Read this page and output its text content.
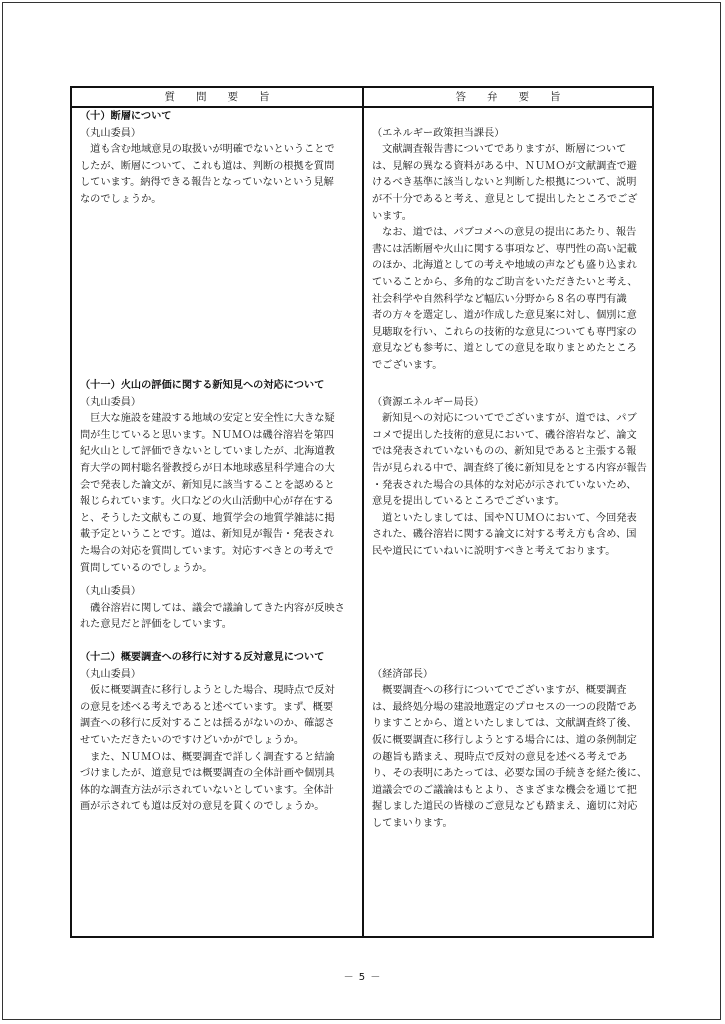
質　　問　　要　　旨	答　　弁　　要　　旨
（十）断層について
（丸山委員）
　道も含む地域意見の取扱いが明確でないということで
したが、断層について、これも道は、判断の根拠を質問
しています。納得できる報告となっていないという見解
なのでしょうか。
（エネルギー政策担当課長）
　文献調査報告書についてでありますが、断層について
は、見解の異なる資料がある中、ＮＵＭＯが文献調査で避
けるべき基準に該当しないと判断した根拠について、説明
が不十分であると考え、意見として提出したところでござ
います。
　なお、道では、パブコメへの意見の提出にあたり、報告
書には活断層や火山に関する事項など、専門性の高い記載
のほか、北海道としての考えや地域の声なども盛り込まれ
ていることから、多角的なご助言をいただきたいと考え、
社会科学や自然科学など幅広い分野から８名の専門有識
者の方々を選定し、道が作成した意見案に対し、個別に意
見聴取を行い、これらの技術的な意見についても専門家の
意見なども参考に、道としての意見を取りまとめたところ
でございます。
（十一）火山の評価に関する新知見への対応について
（丸山委員）
　巨大な施設を建設する地域の安定と安全性に大きな疑
問が生じていると思います。ＮＵＭＯは磯谷溶岩を第四
紀火山として評価できないとしていましたが、北海道教
育大学の岡村聡名誉教授らが日本地球惑星科学連合の大
会で発表した論文が、新知見に該当することを認めると
報じられています。火口などの火山活動中心が存在する
と、そうした文献もこの夏、地質学会の地質学雑誌に掲
載予定ということです。道は、新知見が報告・発表され
た場合の対応を質問しています。対応すべきとの考えで
質問しているのでしょうか。
（丸山委員）
　磯谷溶岩に関しては、議会で議論してきた内容が反映さ
れた意見だと評価をしています。
（資源エネルギー局長）
　新知見への対応についてでございますが、道では、パブ
コメで提出した技術的意見において、磯谷溶岩など、論文
では発表されていないものの、新知見であると主張する報
告が見られる中で、調査終了後に新知見をとする内容が報告
・発表された場合の具体的な対応が示されていないため、
意見を提出しているところでございます。
　道といたしましては、国やＮＵＭＯにおいて、今回発表
された、磯谷溶岩に関する論文に対する考え方も含め、国
民や道民にていねいに説明すべきと考えております。
（十二）概要調査への移行に対する反対意見について
（丸山委員）
　仮に概要調査に移行しようとした場合、現時点で反対
の意見を述べる考えであると述べています。まず、概要
調査への移行に反対することは揺るがないのか、確認さ
せていただきたいのですけどいかがでしょうか。
　また、ＮＵＭＯは、概要調査で詳しく調査すると結論
づけましたが、道意見では概要調査の全体計画や個別具
体的な調査方法が示されていないとしています。全体計
画が示されても道は反対の意見を貫くのでしょうか。
（経済部長）
　概要調査への移行についてでございますが、概要調査
は、最終処分場の建設地選定のプロセスの一つの段階であ
りますことから、道といたしましては、文献調査終了後、
仮に概要調査に移行しようとする場合には、道の条例制定
の趣旨も踏まえ、現時点で反対の意見を述べる考えであ
り、その表明にあたっては、必要な国の手続きを経た後に、
道議会でのご議論はもとより、さまざまな機会を通じて把
握しました道民の皆様のご意見なども踏まえ、適切に対応
してまいります。
－ 5 －
